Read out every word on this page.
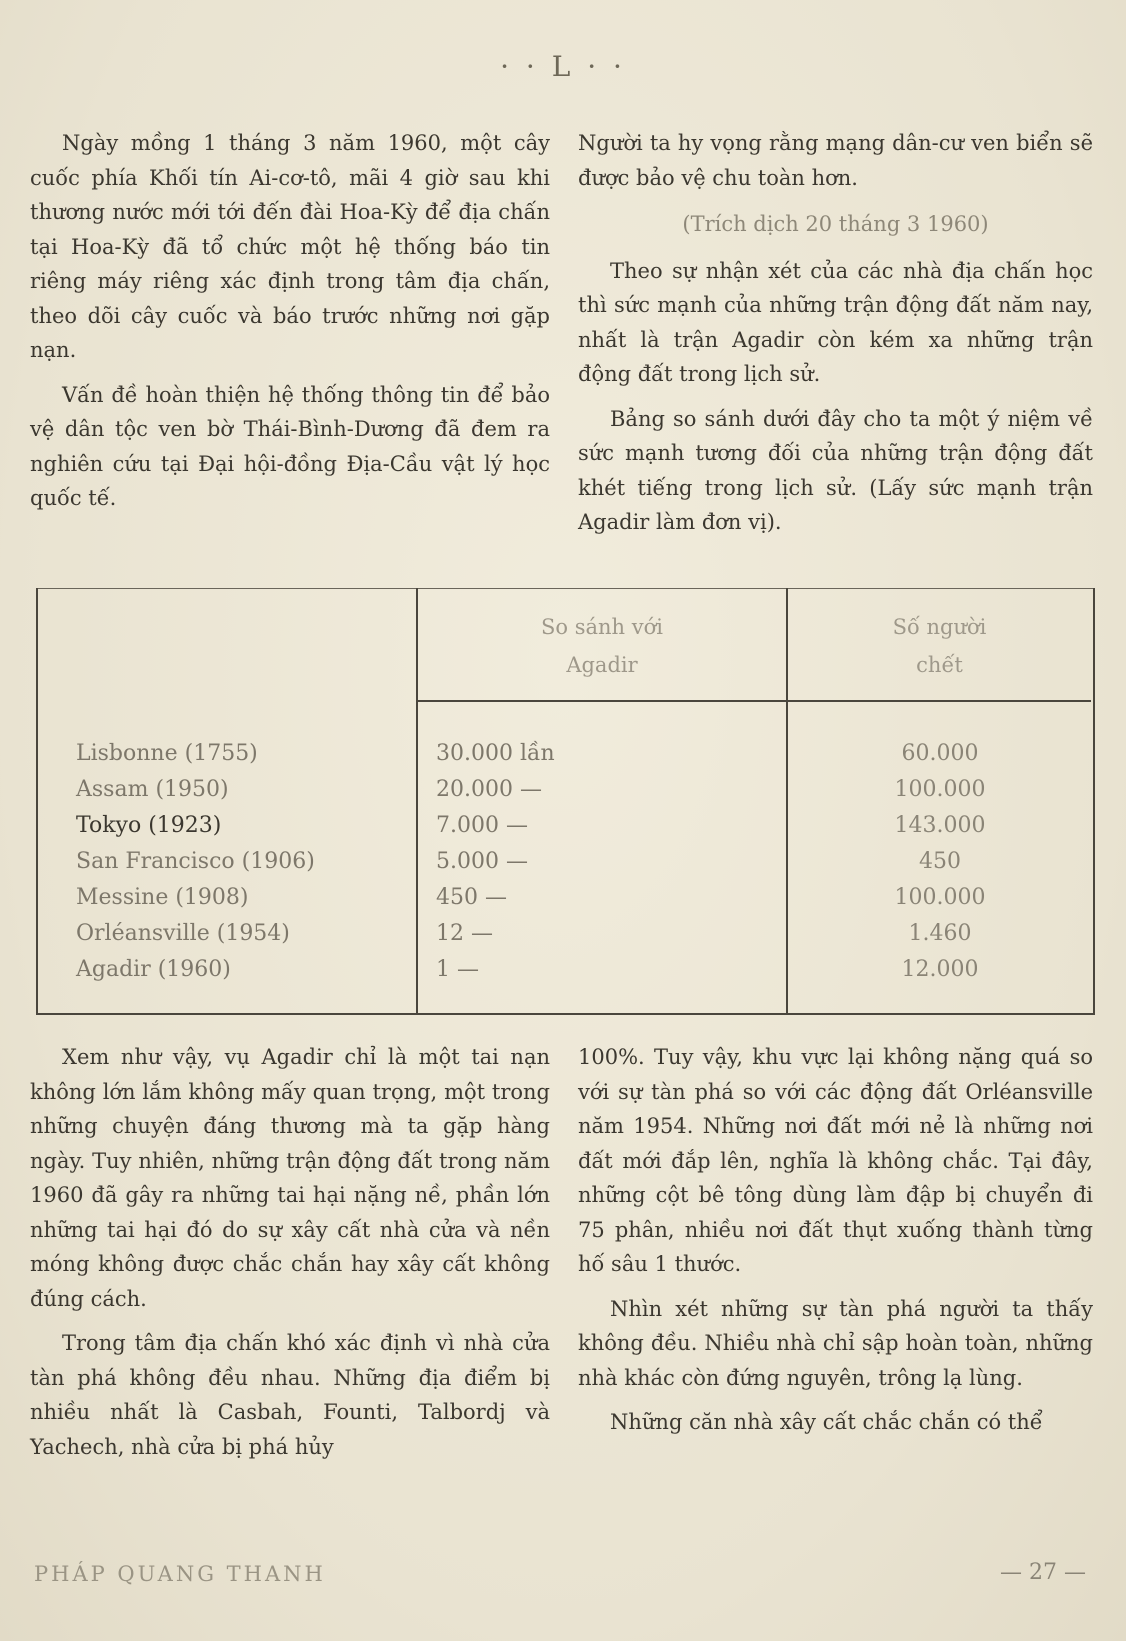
· · L · ·

Ngày mồng 1 tháng 3 năm 1960, một cây cuốc phía Khối tín Ai-cơ-tô, mãi 4 giờ sau khi thương nước mới tới đến đài Hoa-Kỳ để địa chấn tại Hoa-Kỳ đã tổ chức một hệ thống báo tin riêng máy riêng xác định trong tâm địa chấn, theo dõi cây cuốc và báo trước những nơi gặp nạn.

Vấn đề hoàn thiện hệ thống thông tin để bảo vệ dân tộc ven bờ Thái-Bình-Dương đã đem ra nghiên cứu tại Đại hội-đồng Địa-Cầu vật lý học quốc tế.

Người ta hy vọng rằng mạng dân-cư ven biển sẽ được bảo vệ chu toàn hơn.

(Trích dịch 20 tháng 3 1960)

Theo sự nhận xét của các nhà địa chấn học thì sức mạnh của những trận động đất năm nay, nhất là trận Agadir còn kém xa những trận động đất trong lịch sử.

Bảng so sánh dưới đây cho ta một ý niệm về sức mạnh tương đối của những trận động đất khét tiếng trong lịch sử. (Lấy sức mạnh trận Agadir làm đơn vị).

So sánh với
Agadir
Số người
chết
Lisbonne (1755)	30.000 lần	60.000
Assam (1950)	20.000 —	100.000
Tokyo (1923)	7.000 —	143.000
San Francisco (1906)	5.000 —	450
Messine (1908)	450 —	100.000
Orléansville (1954)	12 —	1.460
Agadir (1960)	1 —	12.000

Xem như vậy, vụ Agadir chỉ là một tai nạn không lớn lắm không mấy quan trọng, một trong những chuyện đáng thương mà ta gặp hàng ngày. Tuy nhiên, những trận động đất trong năm 1960 đã gây ra những tai hại nặng nề, phần lớn những tai hại đó do sự xây cất nhà cửa và nền móng không được chắc chắn hay xây cất không đúng cách.

Trong tâm địa chấn khó xác định vì nhà cửa tàn phá không đều nhau. Những địa điểm bị nhiều nhất là Casbah, Founti, Talbordj và Yachech, nhà cửa bị phá hủy

100%. Tuy vậy, khu vực lại không nặng quá so với sự tàn phá so với các động đất Orléansville năm 1954. Những nơi đất mới nẻ là những nơi đất mới đắp lên, nghĩa là không chắc. Tại đây, những cột bê tông dùng làm đập bị chuyển đi 75 phân, nhiều nơi đất thụt xuống thành từng hố sâu 1 thước.

Nhìn xét những sự tàn phá người ta thấy không đều. Nhiều nhà chỉ sập hoàn toàn, những nhà khác còn đứng nguyên, trông lạ lùng.

Những căn nhà xây cất chắc chắn có thể

PHÁP QUANG THANH	— 27 —
